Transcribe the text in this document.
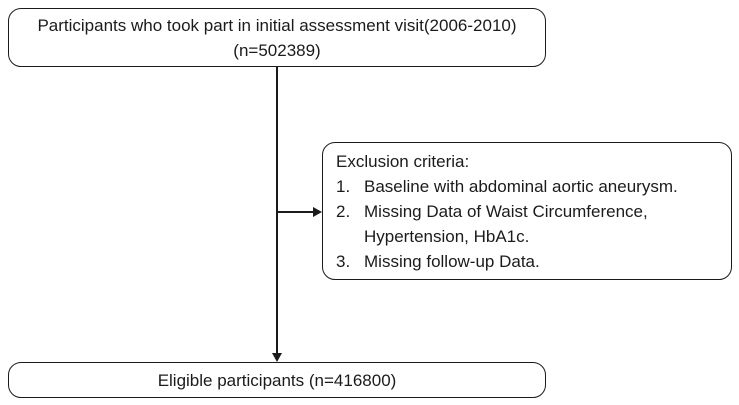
Participants who took part in initial assessment visit(2006-2010)
(n=502389)
Exclusion criteria:
1. Baseline with abdominal aortic aneurysm.
2. Missing Data of Waist Circumference,
Hypertension, HbA1c.
3. Missing follow-up Data.
Eligible participants (n=416800)
